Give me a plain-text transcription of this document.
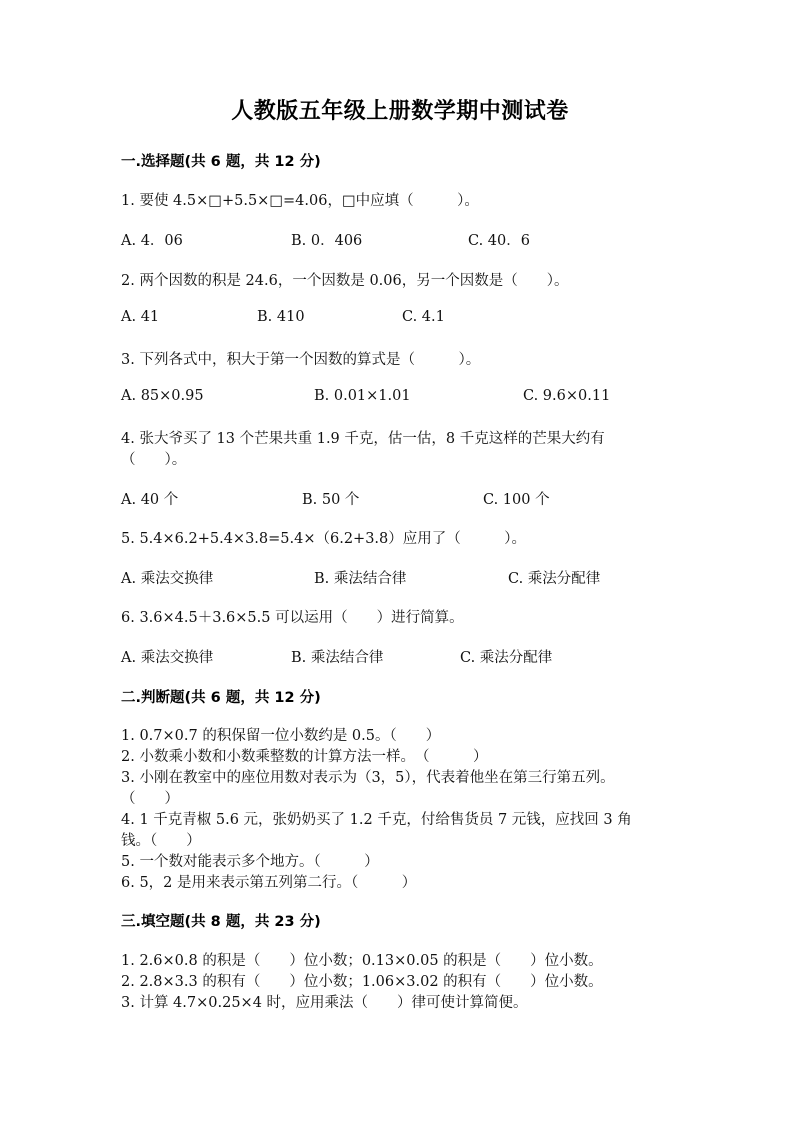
人教版五年级上册数学期中测试卷
一.选择题(共 6 题，共 12 分)
1. 要使 4.5×□+5.5×□=4.06，□中应填（　　　）。
A. 4．06	B. 0．406	C. 40．6
2. 两个因数的积是 24.6，一个因数是 0.06，另一个因数是（　　）。
A. 41	B. 410	C. 4.1
3. 下列各式中，积大于第一个因数的算式是（　　　）。
A. 85×0.95	B. 0.01×1.01	C. 9.6×0.11
4. 张大爷买了 13 个芒果共重 1.9 千克，估一估，8 千克这样的芒果大约有
（　　）。
A. 40 个	B. 50 个	C. 100 个
5. 5.4×6.2+5.4×3.8=5.4×（6.2+3.8）应用了（　　　）。
A. 乘法交换律	B. 乘法结合律	C. 乘法分配律
6. 3.6×4.5＋3.6×5.5 可以运用（　　）进行简算。
A. 乘法交换律	B. 乘法结合律	C. 乘法分配律
二.判断题(共 6 题，共 12 分)
1. 0.7×0.7 的积保留一位小数约是 0.5。（　　）
2. 小数乘小数和小数乘整数的计算方法一样。　（　　　）
3. 小刚在教室中的座位用数对表示为（3，5），代表着他坐在第三行第五列。
（　　）
4. 1 千克青椒 5.6 元，张奶奶买了 1.2 千克，付给售货员 7 元钱，应找回 3 角
钱。（　　）
5. 一个数对能表示多个地方。（　　　）
6. 5，2 是用来表示第五列第二行。（　　　）
三.填空题(共 8 题，共 23 分)
1. 2.6×0.8 的积是（　　）位小数；0.13×0.05 的积是（　　）位小数。
2. 2.8×3.3 的积有（　　）位小数；1.06×3.02 的积有（　　）位小数。
3. 计算 4.7×0.25×4 时，应用乘法（　　）律可使计算简便。
